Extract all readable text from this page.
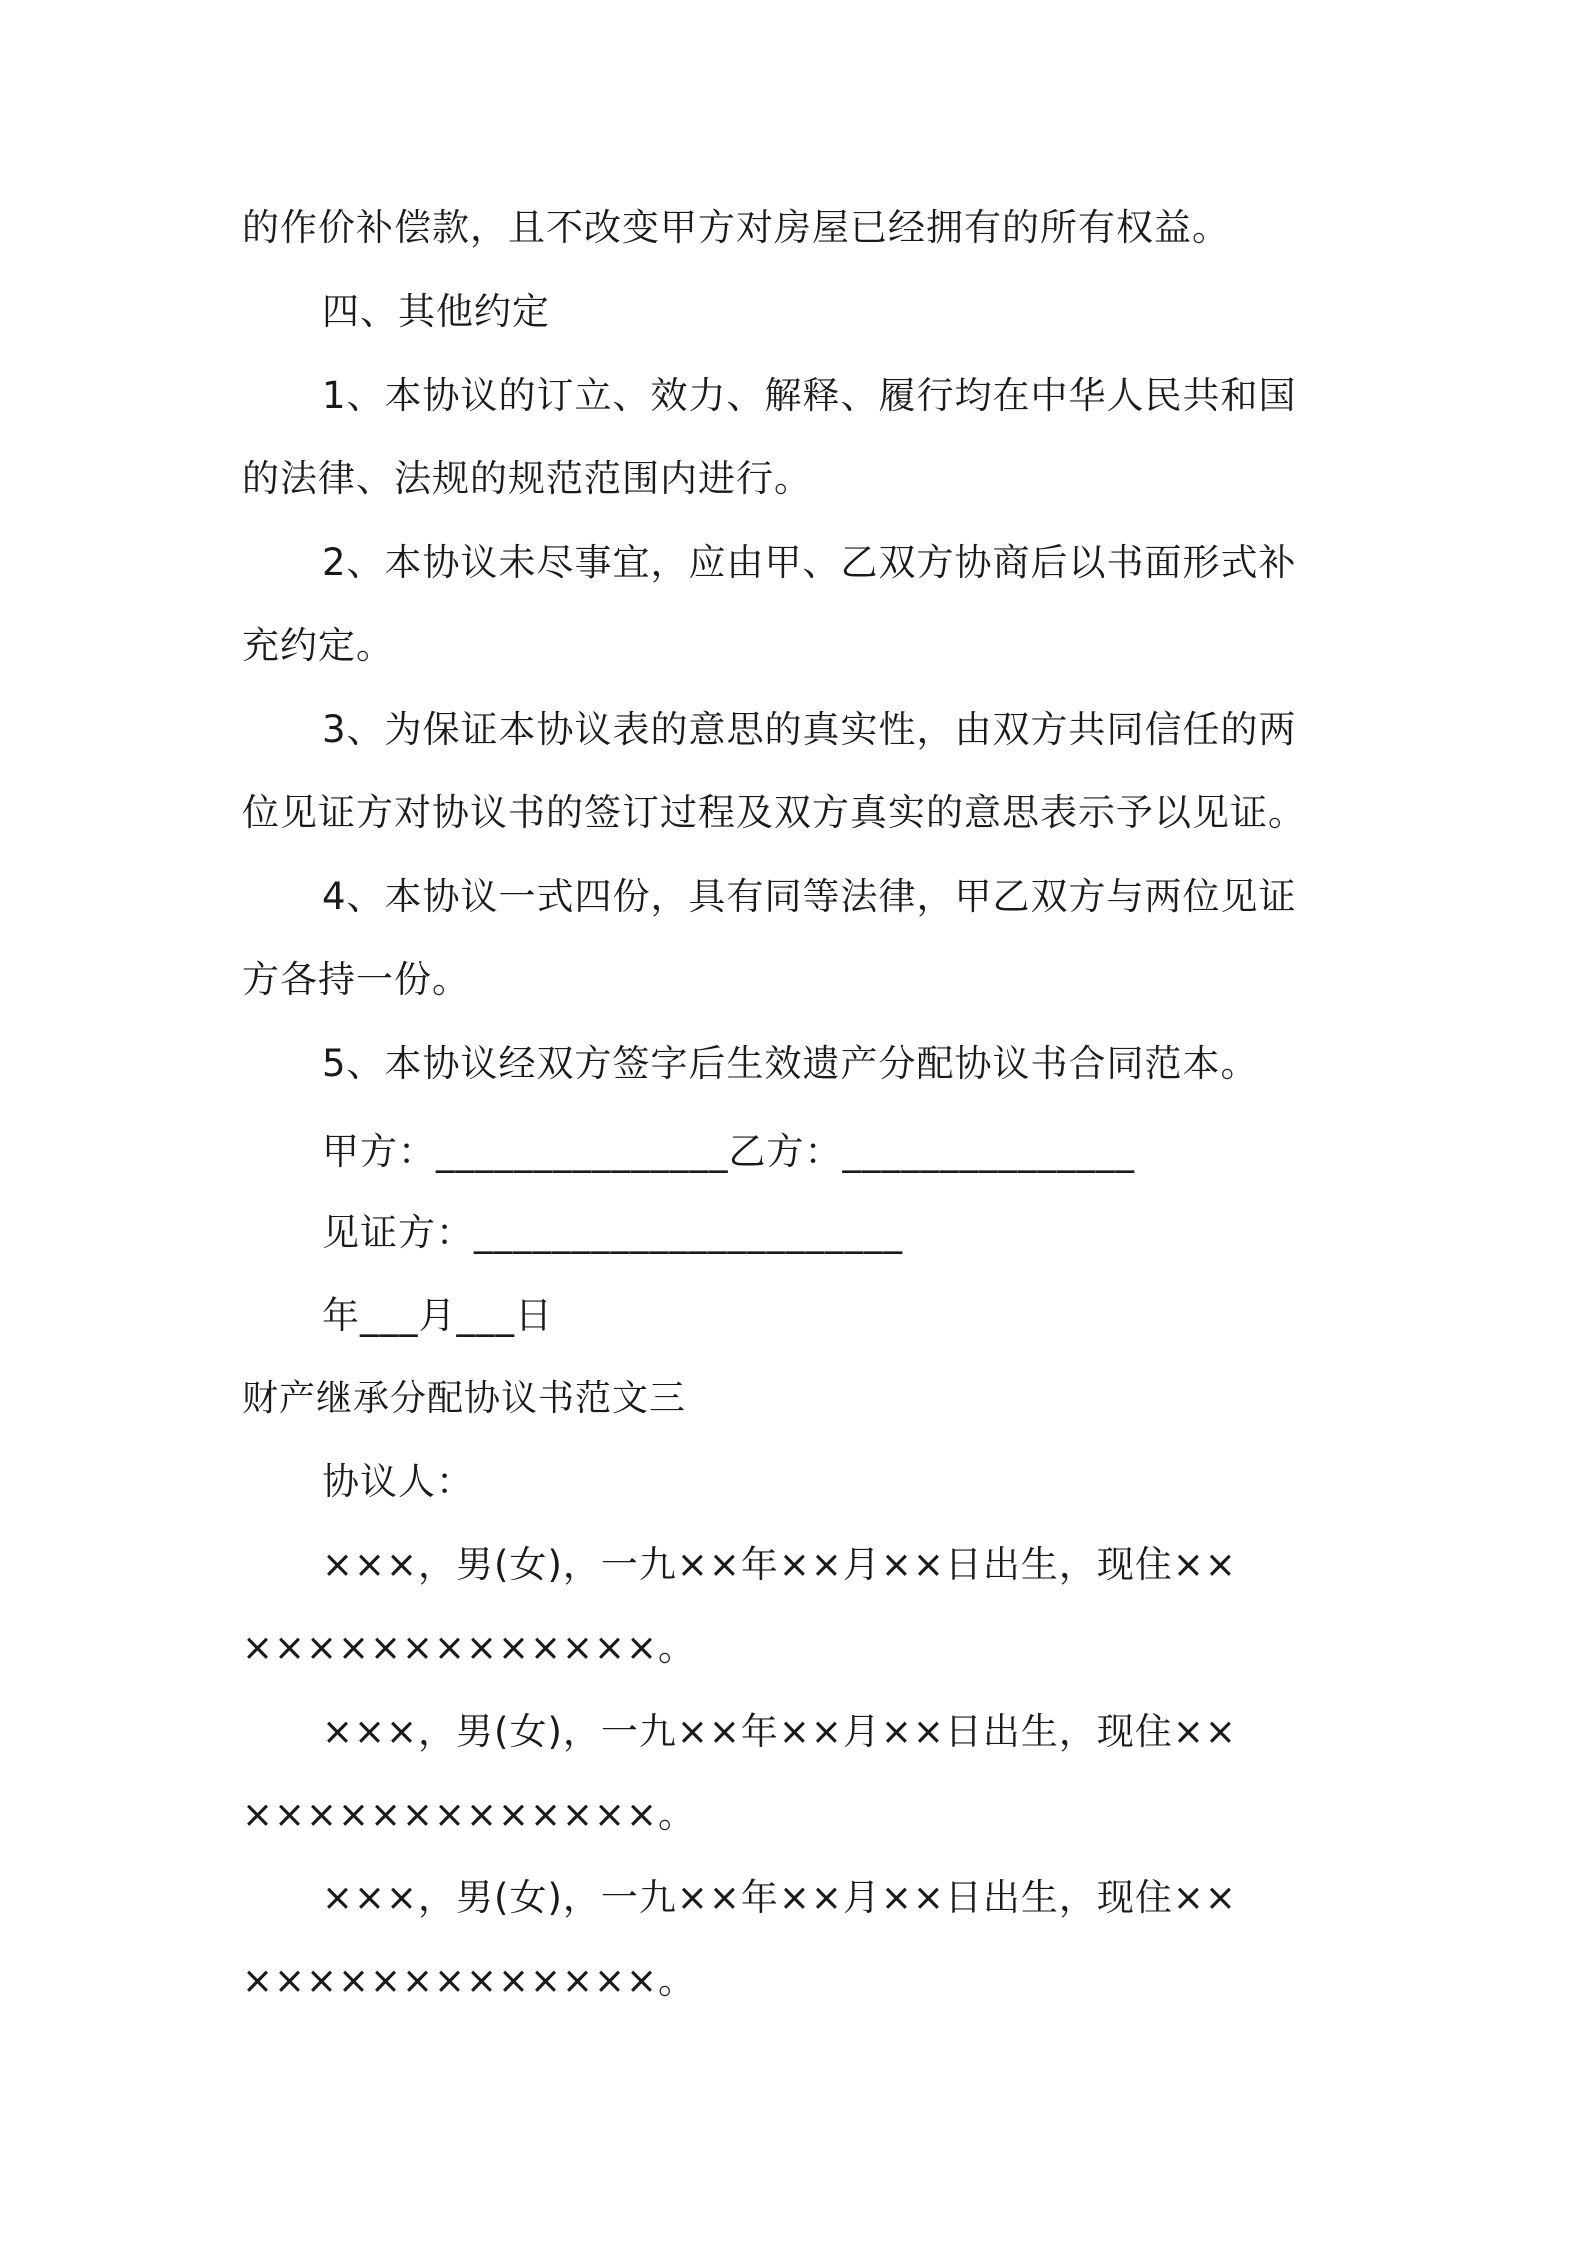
的作价补偿款，且不改变甲方对房屋已经拥有的所有权益。
四、其他约定
1、本协议的订立、效力、解释、履行均在中华人民共和国
的法律、法规的规范范围内进行。
2、本协议未尽事宜，应由甲、乙双方协商后以书面形式补
充约定。
3、为保证本协议表的意思的真实性，由双方共同信任的两
位见证方对协议书的签订过程及双方真实的意思表示予以见证。
4、本协议一式四份，具有同等法律，甲乙双方与两位见证
方各持一份。
5、本协议经双方签字后生效遗产分配协议书合同范本。
甲方：_______________乙方：_______________
见证方：______________________
年___月___日
财产继承分配协议书范文三
协议人：
×××，男(女)，一九××年××月××日出生，现住××
×××××××××××××。
×××，男(女)，一九××年××月××日出生，现住××
×××××××××××××。
×××，男(女)，一九××年××月××日出生，现住××
×××××××××××××。
